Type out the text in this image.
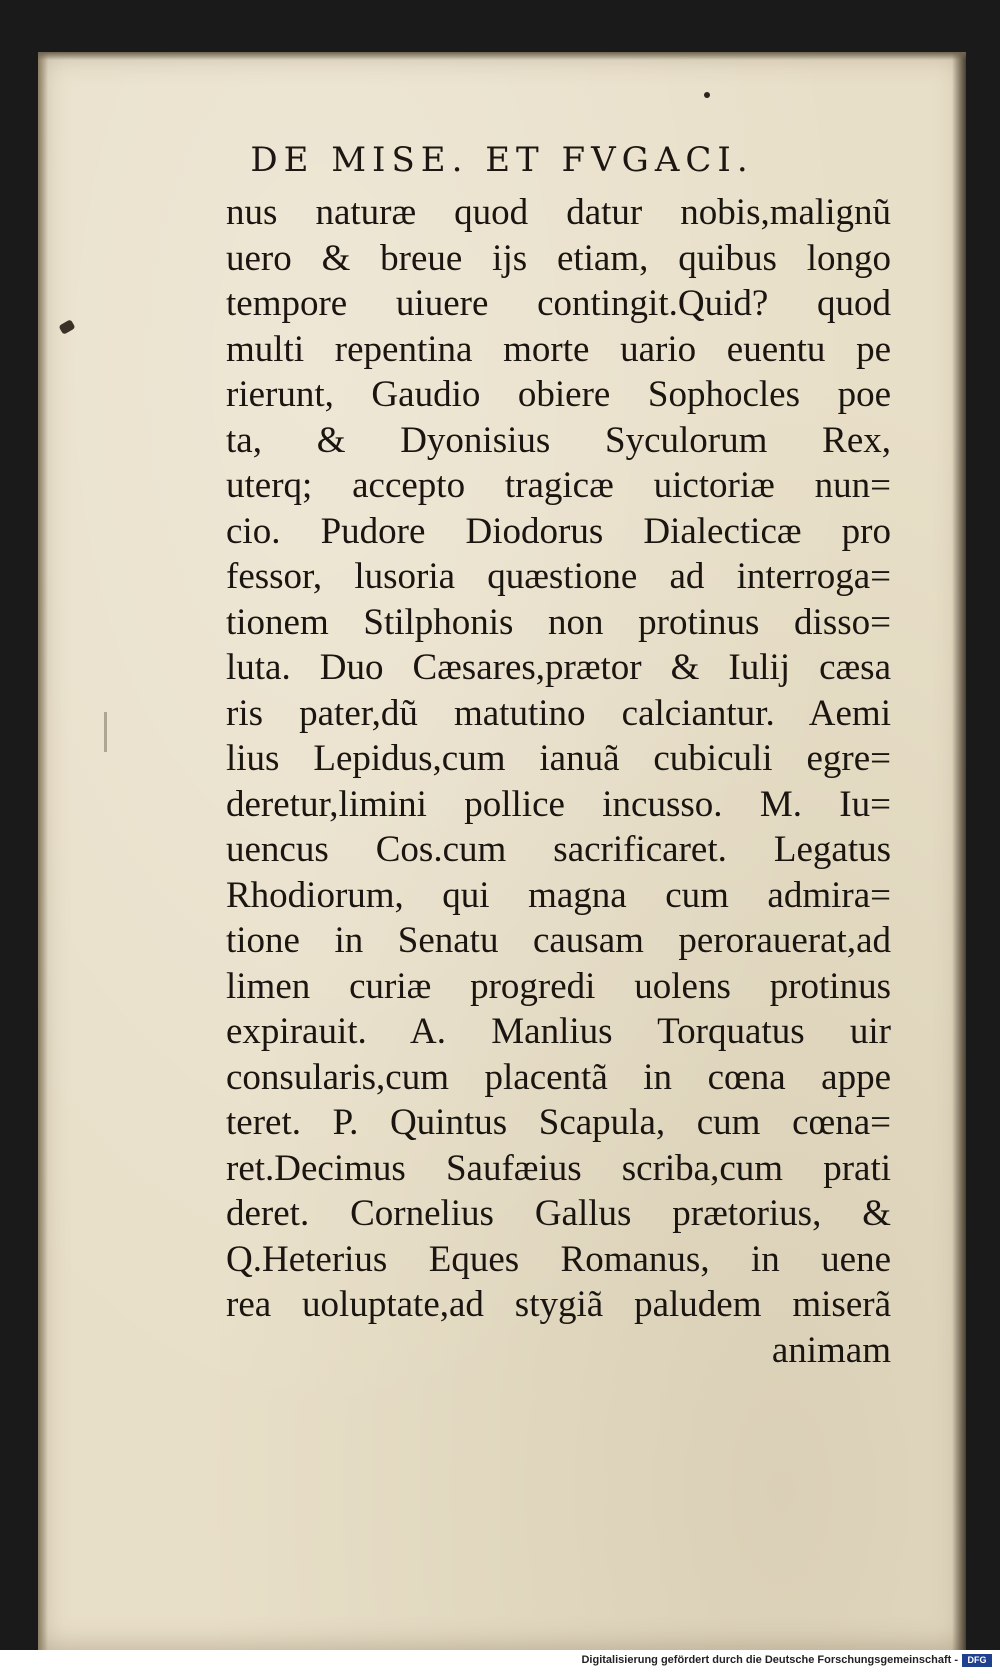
DE MISE. ET FVGACI.
nus naturæ quod datur nobis,malignũ
uero & breue ijs etiam, quibus longo
tempore uiuere contingit.Quid? quod
multi repentina morte uario euentu pe
rierunt, Gaudio obiere Sophocles poe
ta, & Dyonisius Syculorum Rex,
uterq; accepto tragicæ uictoriæ nun=
cio. Pudore Diodorus Dialecticæ pro
fessor, lusoria quæstione ad interroga=
tionem Stilphonis non protinus disso=
luta. Duo Cæsares,prætor & Iulij cæsa
ris pater,dũ matutino calciantur. Aemi
lius Lepidus,cum ianuã cubiculi egre=
deretur,limini pollice incusso. M. Iu=
uencus Cos.cum sacrificaret. Legatus
Rhodiorum, qui magna cum admira=
tione in Senatu causam perorauerat,ad
limen curiæ progredi uolens protinus
expirauit. A. Manlius Torquatus uir
consularis,cum placentã in cœna appe
teret. P. Quintus Scapula, cum cœna=
ret.Decimus Saufæius scriba,cum prati
deret. Cornelius Gallus prætorius, &
Q.Heterius Eques Romanus, in uene
rea uoluptate,ad stygiã paludem miserã
animam
Digitalisierung gefördert durch die Deutsche Forschungsgemeinschaft -	DFG
